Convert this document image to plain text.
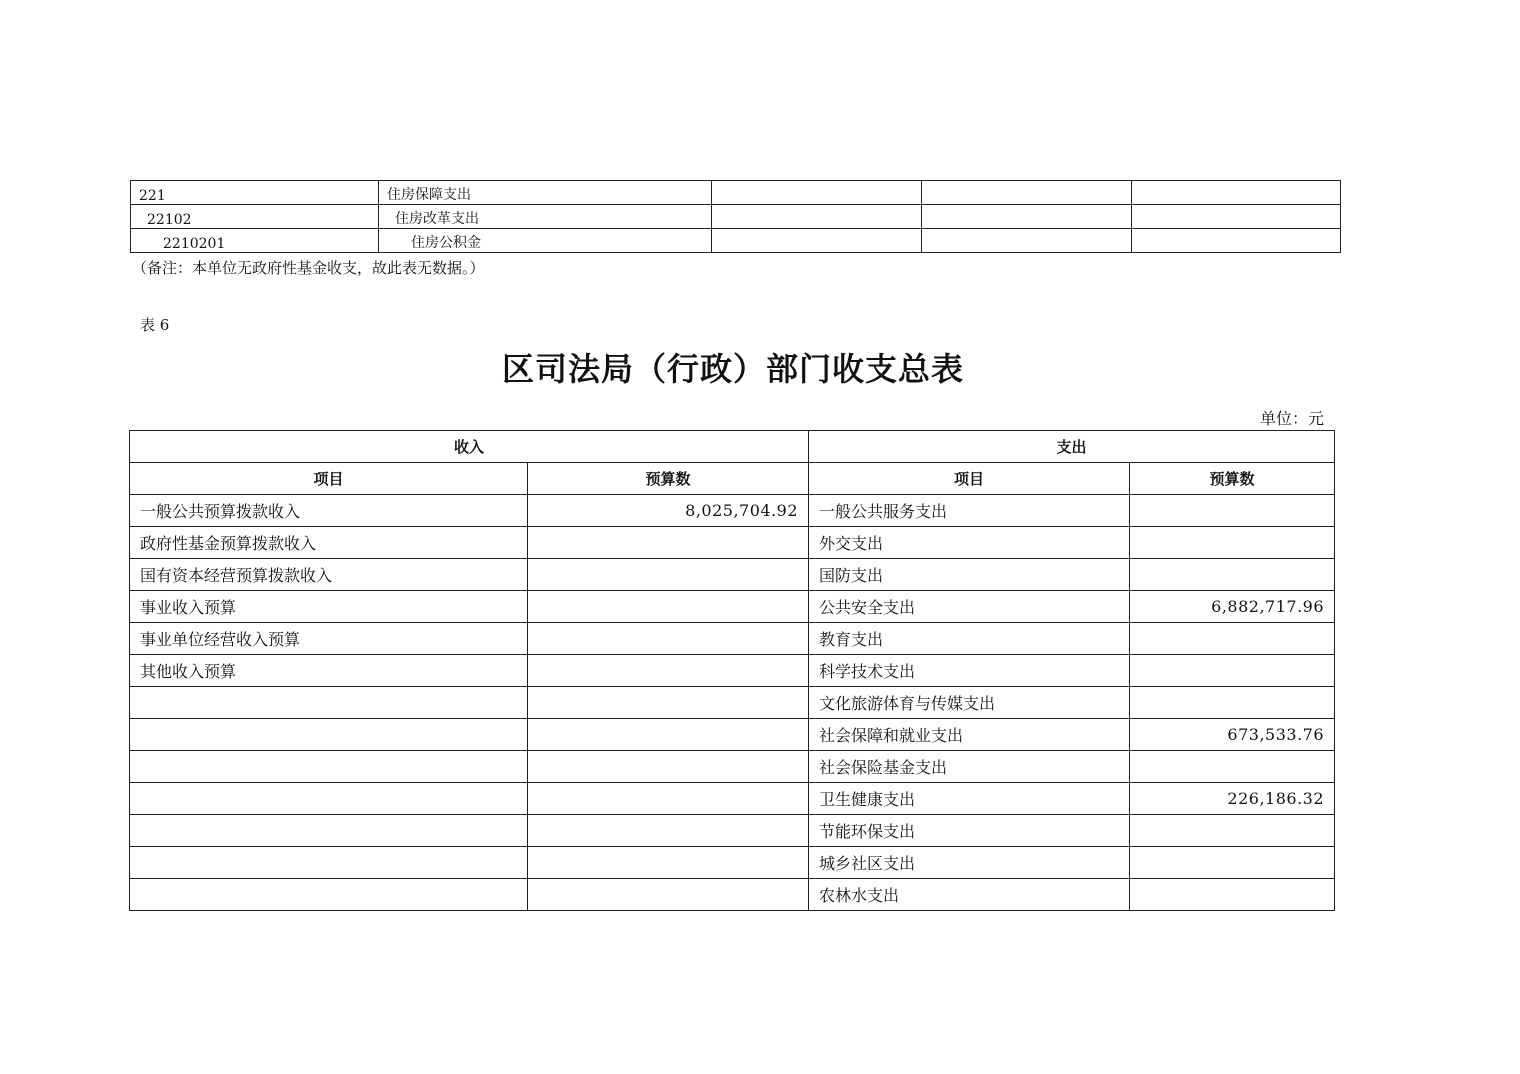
221	住房保障支出			
22102	住房改革支出			
2210201	住房公积金			
（备注：本单位无政府性基金收支，故此表无数据。）
表 6
区司法局（行政）部门收支总表
单位：元
收入		支出	
项目	预算数	项目	预算数
一般公共预算拨款收入	8,025,704.92	一般公共服务支出	
政府性基金预算拨款收入		外交支出	
国有资本经营预算拨款收入		国防支出	
事业收入预算		公共安全支出	6,882,717.96
事业单位经营收入预算		教育支出	
其他收入预算		科学技术支出	
		文化旅游体育与传媒支出	
		社会保障和就业支出	673,533.76
		社会保险基金支出	
		卫生健康支出	226,186.32
		节能环保支出	
		城乡社区支出	
		农林水支出	
